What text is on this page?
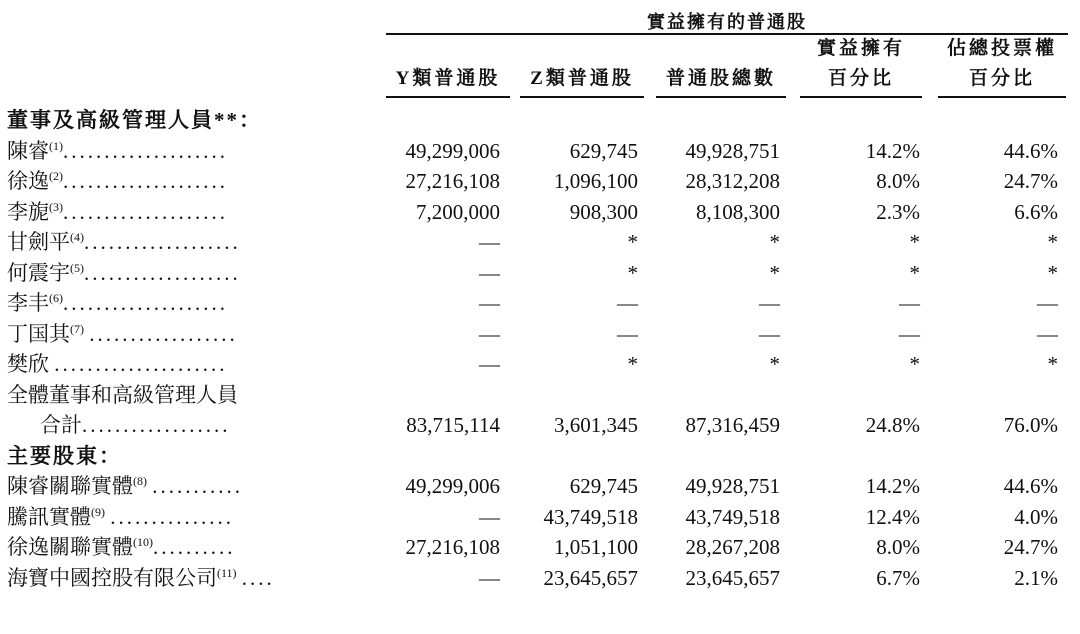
實益擁有的普通股
Y類普通股 Z類普通股 普通股總數
實益擁有
百分比
佔總投票權
百分比
董事及高級管理人員**：
陳睿$^{(1)}$....................	49,299,006	629,745 49,928,751	14.2%	44.6%
徐逸$^{(2)}$....................	27,216,108	1,096,100 28,312,208	8.0%	24.7%
李旎$^{(3)}$....................	7,200,000	908,300	8,108,300	2.3%	6.6%
甘劍平$^{(4)}$...................	—	*	*	*	*
何震宇$^{(5)}$...................	—	*	*	*	*
李丰$^{(6)}$....................	—	—	—	—	—
丁国其$^{(7)}$ ..................	—	—	—	—	—
樊欣 .....................	—	*	*	*	*
全體董事和高級管理人員
合計..................	83,715,114	3,601,345 87,316,459	24.8%	76.0%
主要股東：
陳睿關聯實體$^{(8)}$ ...........	49,299,006	629,745 49,928,751	14.2%	44.6%
騰訊實體$^{(9)}$ ...............	— 43,749,518 43,749,518	12.4%	4.0%
徐逸關聯實體$^{(10)}$..........	27,216,108	1,051,100 28,267,208	8.0%	24.7%
海寶中國控股有限公司$^{(11)}$ ....	— 23,645,657 23,645,657	6.7%	2.1%
